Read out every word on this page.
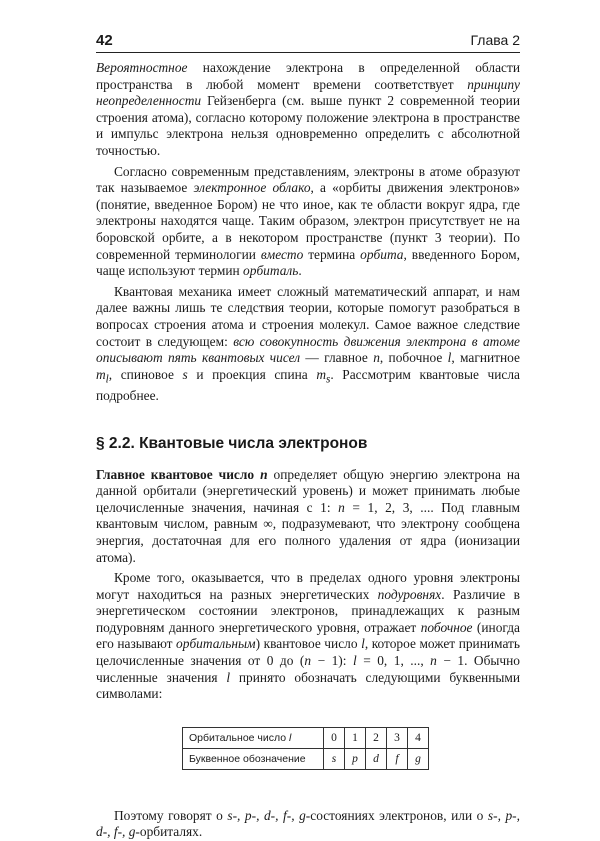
42	Глава 2

Вероятностное нахождение электрона в определенной области пространства в любой момент времени соответствует принципу неопределенности Гейзенберга (см. выше пункт 2 современной теории строения атома), согласно которому положение электрона в пространстве и импульс электрона нельзя одновременно определить с абсолютной точностью.

Согласно современным представлениям, электроны в атоме образуют так называемое электронное облако, а «орбиты движения электронов» (понятие, введенное Бором) не что иное, как те области вокруг ядра, где электроны находятся чаще. Таким образом, электрон присутствует не на боровской орбите, а в некотором пространстве (пункт 3 теории). По современной терминологии вместо термина орбита, введенного Бором, чаще используют термин орбиталь.

Квантовая механика имеет сложный математический аппарат, и нам далее важны лишь те следствия теории, которые помогут разобраться в вопросах строения атома и строения молекул. Самое важное следствие состоит в следующем: всю совокупность движения электрона в атоме описывают пять квантовых чисел — главное n, побочное l, магнитное $m_l$, спиновое s и проекция спина $m_s$. Рассмотрим квантовые числа подробнее.

§ 2.2. Квантовые числа электронов

Главное квантовое число n определяет общую энергию электрона на данной орбитали (энергетический уровень) и может принимать любые целочисленные значения, начиная с 1: n = 1, 2, 3, .... Под главным квантовым числом, равным ∞, подразумевают, что электрону сообщена энергия, достаточная для его полного удаления от ядра (ионизации атома).

Кроме того, оказывается, что в пределах одного уровня электроны могут находиться на разных энергетических подуровнях. Различие в энергетическом состоянии электронов, принадлежащих к разным подуровням данного энергетического уровня, отражает побочное (иногда его называют орбитальным) квантовое число l, которое может принимать целочисленные значения от 0 до (n − 1): l = 0, 1, ..., n − 1. Обычно численные значения l принято обозначать следующими буквенными символами:

Орбитальное число l	0	1	2	3	4
Буквенное обозначение	s	p	d	f	g

Поэтому говорят о s-, p-, d-, f-, g-состояниях электронов, или о s-, p-, d-, f-, g-орбиталях.
